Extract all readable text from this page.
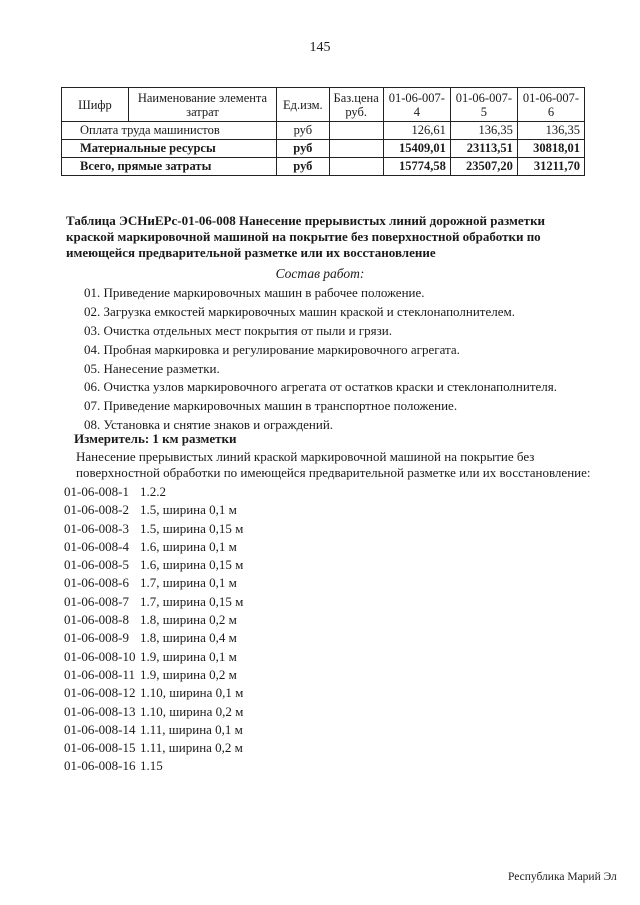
145
Шифр	Наименование элемента затрат	Ед.изм.	Баз.цена руб.	01-06-007-4	01-06-007-5	01-06-007-6
Оплата труда машинистов		руб		126,61	136,35	136,35
Материальные ресурсы		руб		15409,01	23113,51	30818,01
Всего, прямые затраты		руб		15774,58	23507,20	31211,70
Таблица ЭСНиЕРс-01-06-008 Нанесение прерывистых линий дорожной разметки краской маркировочной машиной на покрытие без поверхностной обработки по имеющейся предварительной разметке или их восстановление
Состав работ:
01. Приведение маркировочных машин в рабочее положение.
02. Загрузка емкостей маркировочных машин краской и стеклонаполнителем.
03. Очистка отдельных мест покрытия от пыли и грязи.
04. Пробная маркировка и регулирование маркировочного агрегата.
05. Нанесение разметки.
06. Очистка узлов маркировочного агрегата от остатков краски и стеклонаполнителя.
07. Приведение маркировочных машин в транспортное положение.
08. Установка и снятие знаков и ограждений.
Измеритель: 1 км разметки
Нанесение прерывистых линий краской маркировочной машиной на покрытие без поверхностной обработки по имеющейся предварительной разметке или их восстановление:
01-06-008-1 1.2.2
01-06-008-2 1.5, ширина 0,1 м
01-06-008-3 1.5, ширина 0,15 м
01-06-008-4 1.6, ширина 0,1 м
01-06-008-5 1.6, ширина 0,15 м
01-06-008-6 1.7, ширина 0,1 м
01-06-008-7 1.7, ширина 0,15 м
01-06-008-8 1.8, ширина 0,2 м
01-06-008-9 1.8, ширина 0,4 м
01-06-008-10 1.9, ширина 0,1 м
01-06-008-11 1.9, ширина 0,2 м
01-06-008-12 1.10, ширина 0,1 м
01-06-008-13 1.10, ширина 0,2 м
01-06-008-14 1.11, ширина 0,1 м
01-06-008-15 1.11, ширина 0,2 м
01-06-008-16 1.15
Республика Марий Эл
